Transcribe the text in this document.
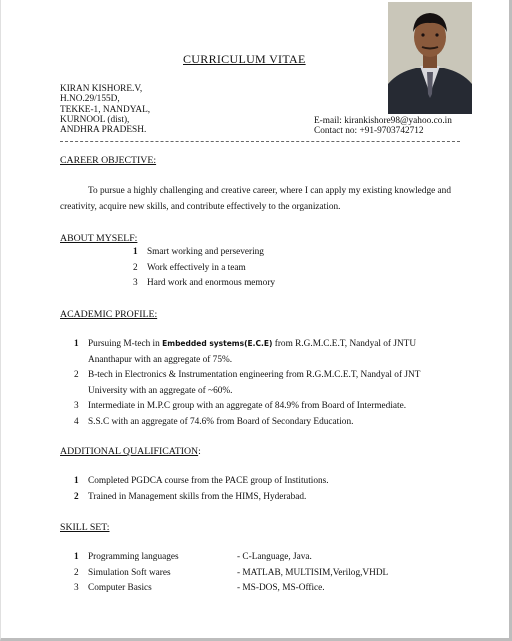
CURRICULUM VITAE
KIRAN KISHORE.V,
H.NO.29/155D,
TEKKE-1, NANDYAL,
KURNOOL (dist),
ANDHRA PRADESH.
E-mail: kirankishore98@yahoo.co.in
Contact no: +91-9703742712
CAREER OBJECTIVE:
To pursue a highly challenging and creative career, where I can apply my existing knowledge and creativity, acquire new skills, and contribute effectively to the organization.
ABOUT MYSELF:
1 Smart working and persevering
2 Work effectively in a team
3 Hard work and enormous memory
ACADEMIC PROFILE:
1 Pursuing M-tech in Embedded systems(E.C.E) from R.G.M.C.E.T, Nandyal of JNTU
Ananthapur with an aggregate of 75%.
2 B-tech in Electronics & Instrumentation engineering from R.G.M.C.E.T, Nandyal of JNT
University with an aggregate of ~60%.
3 Intermediate in M.P.C group with an aggregate of 84.9% from Board of Intermediate.
4 S.S.C with an aggregate of 74.6% from Board of Secondary Education.
ADDITIONAL QUALIFICATION:
1 Completed PGDCA course from the PACE group of Institutions.
2 Trained in Management skills from the HIMS, Hyderabad.
SKILL SET:
1 Programming languages	- C-Language, Java.
2 Simulation Soft wares	- MATLAB, MULTISIM,Verilog,VHDL
3 Computer Basics	- MS-DOS, MS-Office.
